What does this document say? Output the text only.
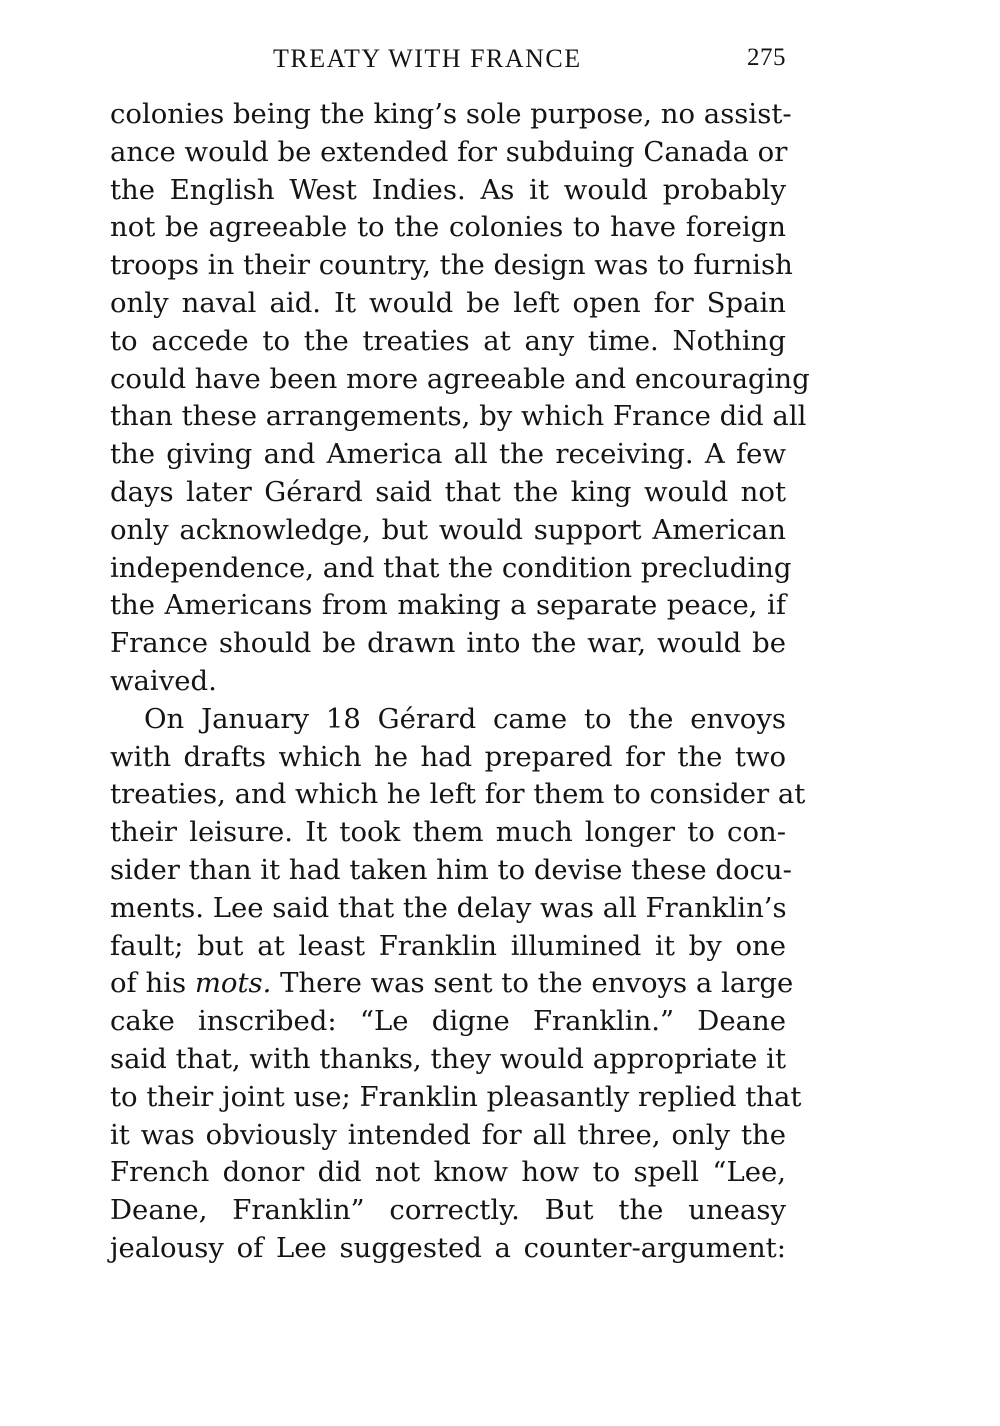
TREATY WITH FRANCE	275
colonies being the king’s sole purpose, no assist-
ance would be extended for subduing Canada or
the English West Indies. As it would probably
not be agreeable to the colonies to have foreign
troops in their country, the design was to furnish
only naval aid. It would be left open for Spain
to accede to the treaties at any time. Nothing
could have been more agreeable and encouraging
than these arrangements, by which France did all
the giving and America all the receiving. A few
days later Gérard said that the king would not
only acknowledge, but would support American
independence, and that the condition precluding
the Americans from making a separate peace, if
France should be drawn into the war, would be
waived.
On January 18 Gérard came to the envoys
with drafts which he had prepared for the two
treaties, and which he left for them to consider at
their leisure. It took them much longer to con-
sider than it had taken him to devise these docu-
ments. Lee said that the delay was all Franklin’s
fault; but at least Franklin illumined it by one
of his mots. There was sent to the envoys a large
cake inscribed: “Le digne Franklin.” Deane
said that, with thanks, they would appropriate it
to their joint use; Franklin pleasantly replied that
it was obviously intended for all three, only the
French donor did not know how to spell “Lee,
Deane, Franklin” correctly. But the uneasy
jealousy of Lee suggested a counter-argument:
